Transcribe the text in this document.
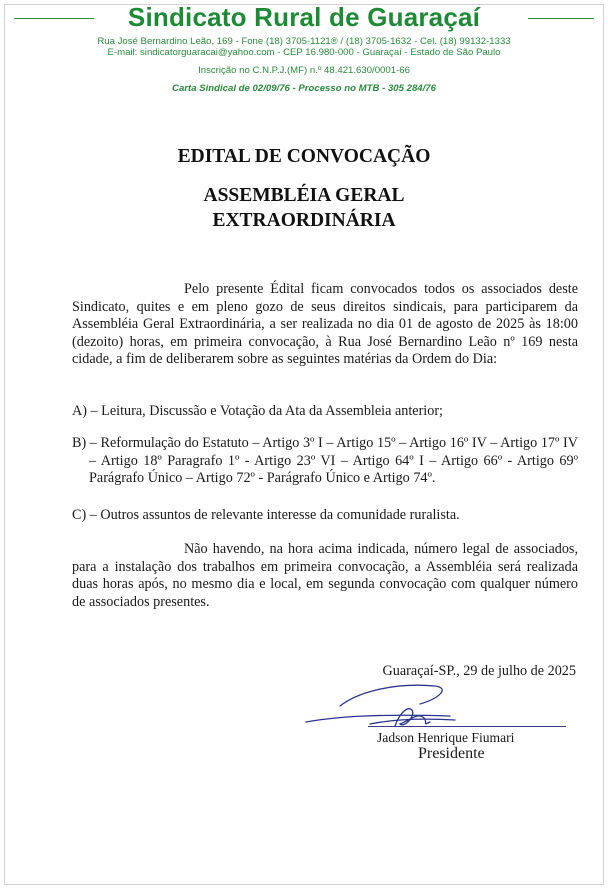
Sindicato Rural de Guaraçaí
Rua José Bernardino Leão, 169 - Fone (18) 3705-1121® / (18) 3705-1632 - Cel. (18) 99132-1333
E-mail: sindicatorguaracai@yahoo.com - CEP 16.980-000 - Guaraçaí - Estado de São Paulo
Inscrição no C.N.P.J.(MF) n.º 48.421.630/0001-66
Carta Sindical de 02/09/76 - Processo no MTB - 305 284/76
EDITAL DE CONVOCAÇÃO
ASSEMBLÉIA GERAL
EXTRAORDINÁRIA
Pelo presente Édital ficam convocados todos os associados deste Sindicato, quites e em pleno gozo de seus direitos sindicais, para participarem da Assembléia Geral Extraordinária, a ser realizada no dia 01 de agosto de 2025 às 18:00 (dezoito) horas, em primeira convocação, à Rua José Bernardino Leão nº 169 nesta cidade, a fim de deliberarem sobre as seguintes matérias da Ordem do Dia:
A) – Leitura, Discussão e Votação da Ata da Assembleia anterior;
B) – Reformulação do Estatuto – Artigo 3º I – Artigo 15º – Artigo 16º IV – Artigo 17º IV – Artigo 18º Paragrafo 1º - Artigo 23º VI – Artigo 64º I – Artigo 66º - Artigo 69º Parágrafo Único – Artigo 72º - Parágrafo Único e Artigo 74º.
C) – Outros assuntos de relevante interesse da comunidade ruralista.
Não havendo, na hora acima indicada, número legal de associados, para a instalação dos trabalhos em primeira convocação, a Assembléia será realizada duas horas após, no mesmo dia e local, em segunda convocação com qualquer número de associados presentes.
Guaraçaí-SP., 29 de julho de 2025
Jadson Henrique Fiumari
Presidente
